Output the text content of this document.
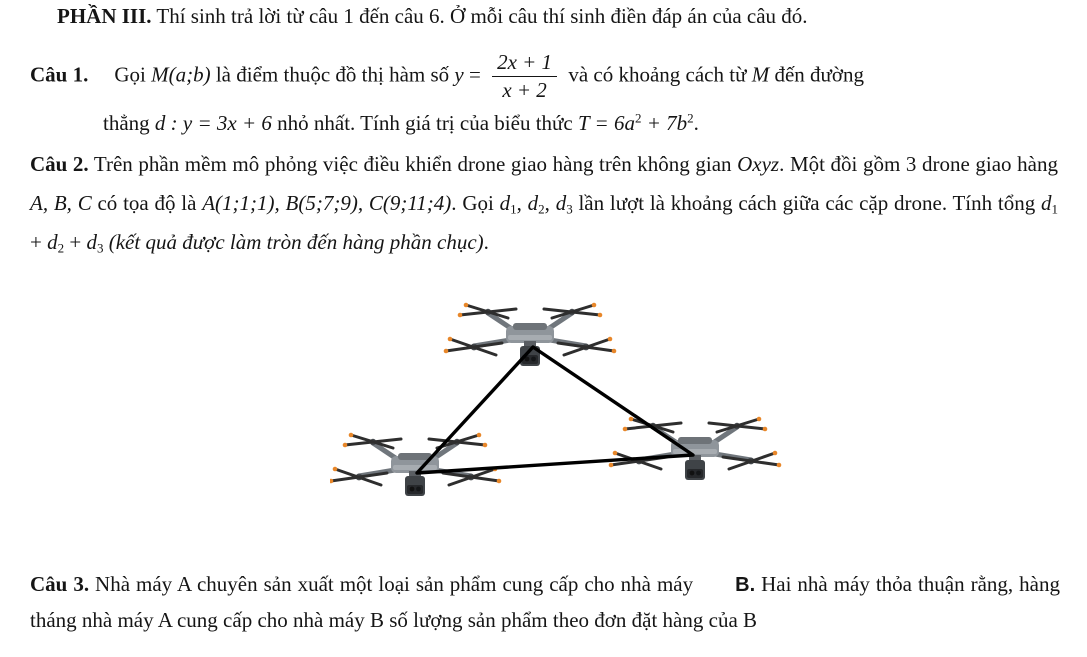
PHẦN III. Thí sinh trả lời từ câu 1 đến câu 6. Ở mỗi câu thí sinh điền đáp án của câu đó.

Câu 1. Gọi M(a;b) là điểm thuộc đồ thị hàm số $y = \frac{2x + 1}{x + 2}$ và có khoảng cách từ M đến đường

thẳng d : y = 3x + 6 nhỏ nhất. Tính giá trị của biểu thức $T = 6a^2 + 7b^2$.

Câu 2. Trên phần mềm mô phỏng việc điều khiển drone giao hàng trên không gian Oxyz. Một đồi gồm 3 drone giao hàng A, B, C có tọa độ là A(1;1;1), B(5;7;9), C(9;11;4). Gọi $d_1$, $d_2$, $d_3$ lần lượt là khoảng cách giữa các cặp drone. Tính tổng $d_1 + d_2 + d_3$ (kết quả được làm tròn đến hàng phần chục).

Câu 3. Nhà máy A chuyên sản xuất một loại sản phẩm cung cấp cho nhà máy B. Hai nhà máy thỏa thuận rằng, hàng tháng nhà máy A cung cấp cho nhà máy B số lượng sản phẩm theo đơn đặt hàng của B
